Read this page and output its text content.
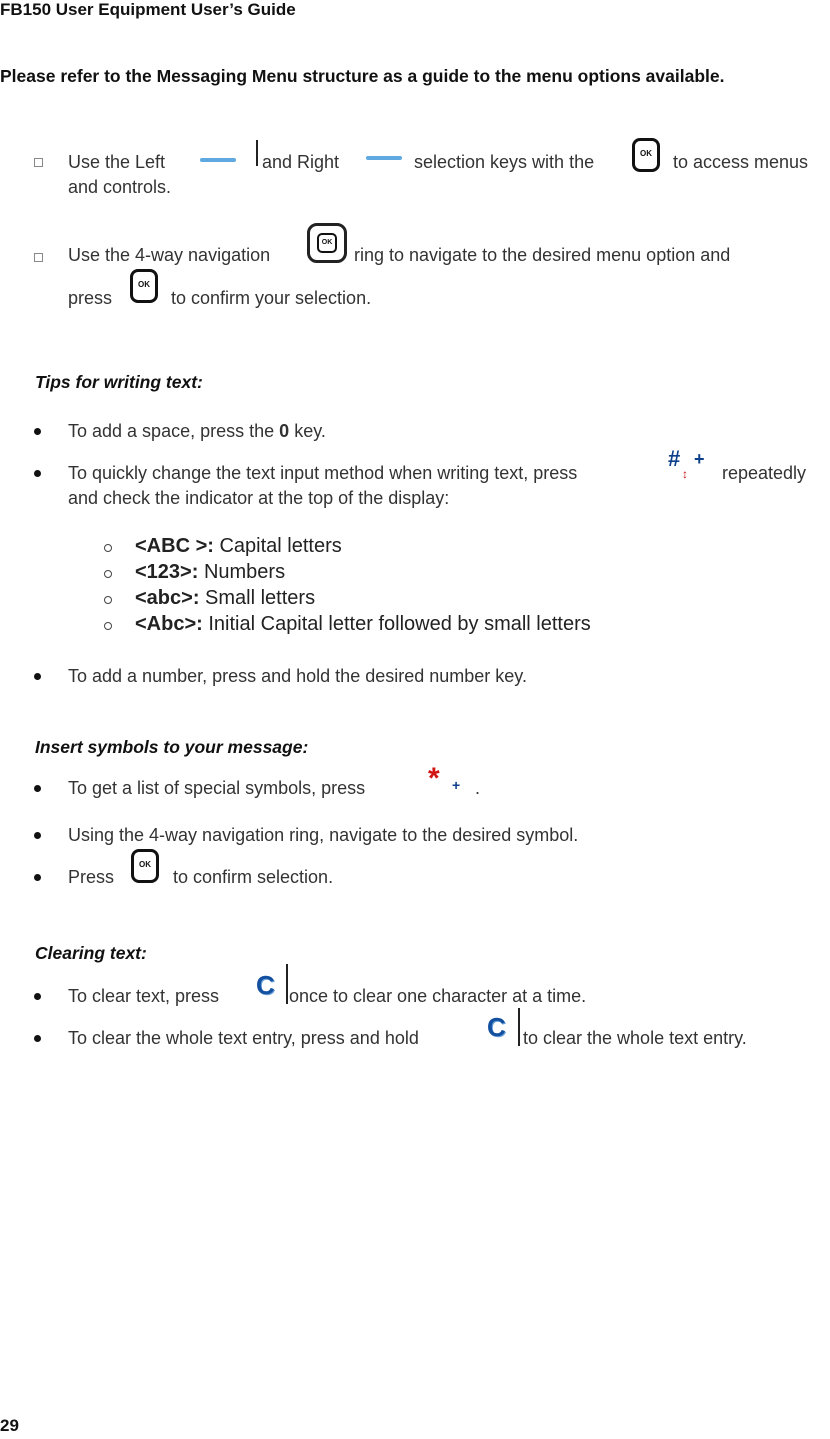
FB150 User Equipment User’s Guide
Please refer to the Messaging Menu structure as a guide to the menu options available.
Use the Left	and Right	selection keys with the	OK	to access menus
and controls.
Use the 4-way navigation
OK
ring to navigate to the desired menu option and
press
OK
to confirm your selection.
Tips for writing text:
To add a space, press the 0 key.
To quickly change the text input method when writing text, press
# +
↕ repeatedly
and check the indicator at the top of the display:
<ABC >: Capital letters
<123>: Numbers
<abc>: Small letters
<Abc>: Initial Capital letter followed by small letters
To add a number, press and hold the desired number key.
Insert symbols to your message:
To get a list of special symbols, press * + .
Using the 4-way navigation ring, navigate to the desired symbol.
Press
OK
to confirm selection.
Clearing text:
To clear text, press C once to clear one character at a time.
To clear the whole text entry, press and hold	C to clear the whole text entry.
29
